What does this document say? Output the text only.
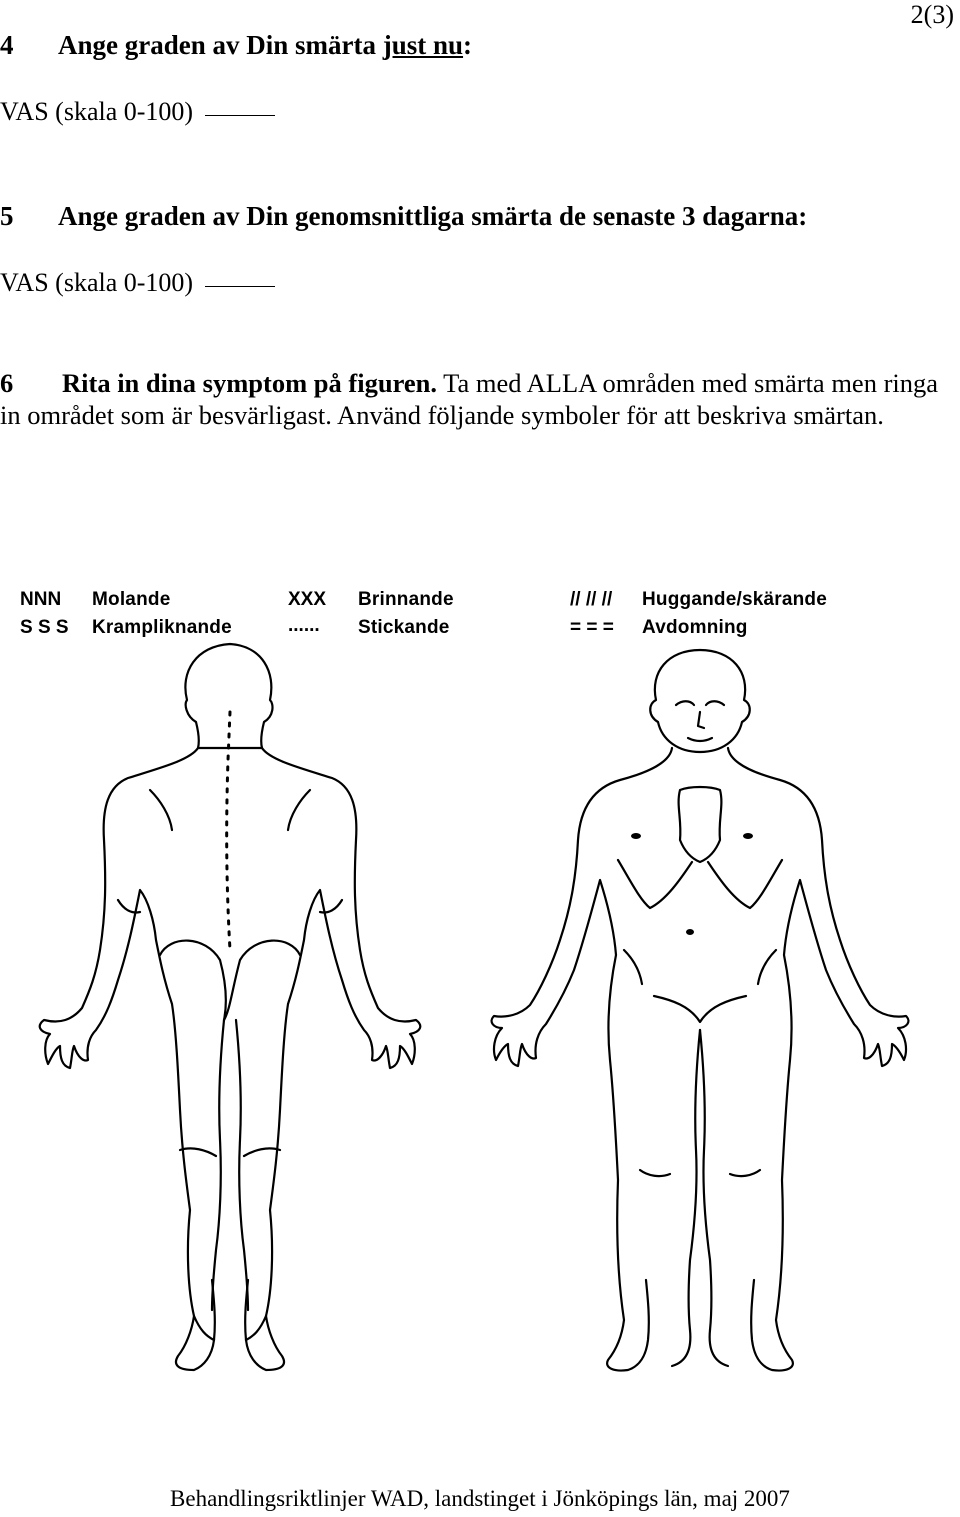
2(3)
4 Ange graden av Din smärta just nu:
VAS (skala 0-100)
5 Ange graden av Din genomsnittliga smärta de senaste 3 dagarna:
VAS (skala 0-100)
6 Rita in dina symptom på figuren. Ta med ALLA områden med smärta men ringa in området som är besvärligast. Använd följande symboler för att beskriva smärtan.
NNN Molande
S S S Krampliknande
XXX Brinnande
...... Stickande
// // // Huggande/skärande
= = = Avdomning
Behandlingsriktlinjer WAD, landstinget i Jönköpings län, maj 2007
